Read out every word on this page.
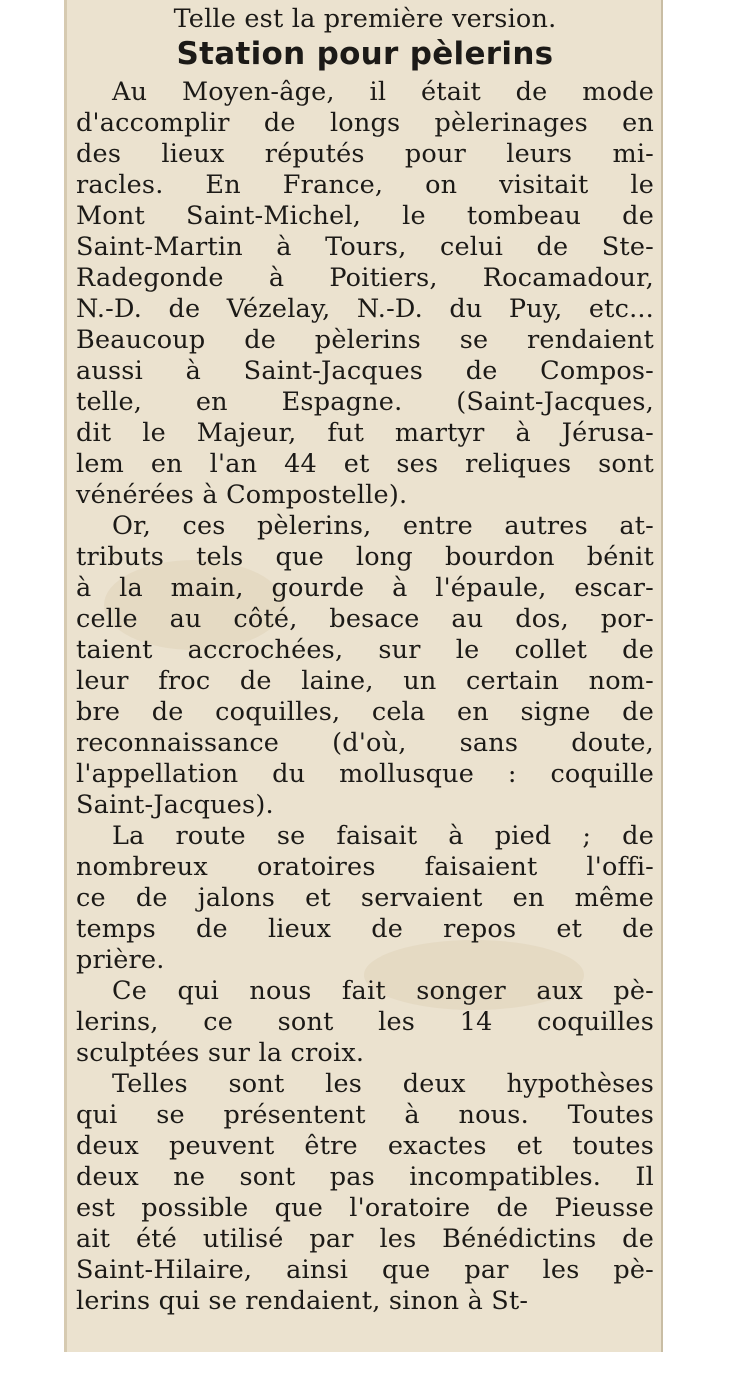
Telle est la première version.
Station pour pèlerins
Au Moyen-âge, il était de mode
d'accomplir de longs pèlerinages en
des lieux réputés pour leurs mi-
racles. En France, on visitait le
Mont Saint-Michel, le tombeau de
Saint-Martin à Tours, celui de Ste-
Radegonde à Poitiers, Rocamadour,
N.-D. de Vézelay, N.-D. du Puy, etc...
Beaucoup de pèlerins se rendaient
aussi à Saint-Jacques de Compos-
telle, en Espagne. (Saint-Jacques,
dit le Majeur, fut martyr à Jérusa-
lem en l'an 44 et ses reliques sont
vénérées à Compostelle).
Or, ces pèlerins, entre autres at-
tributs tels que long bourdon bénit
à la main, gourde à l'épaule, escar-
celle au côté, besace au dos, por-
taient accrochées, sur le collet de
leur froc de laine, un certain nom-
bre de coquilles, cela en signe de
reconnaissance (d'où, sans doute,
l'appellation du mollusque : coquille
Saint-Jacques).
La route se faisait à pied ; de
nombreux oratoires faisaient l'offi-
ce de jalons et servaient en même
temps de lieux de repos et de
prière.
Ce qui nous fait songer aux pè-
lerins, ce sont les 14 coquilles
sculptées sur la croix.
Telles sont les deux hypothèses
qui se présentent à nous. Toutes
deux peuvent être exactes et toutes
deux ne sont pas incompatibles. Il
est possible que l'oratoire de Pieusse
ait été utilisé par les Bénédictins de
Saint-Hilaire, ainsi que par les pè-
lerins qui se rendaient, sinon à St-
